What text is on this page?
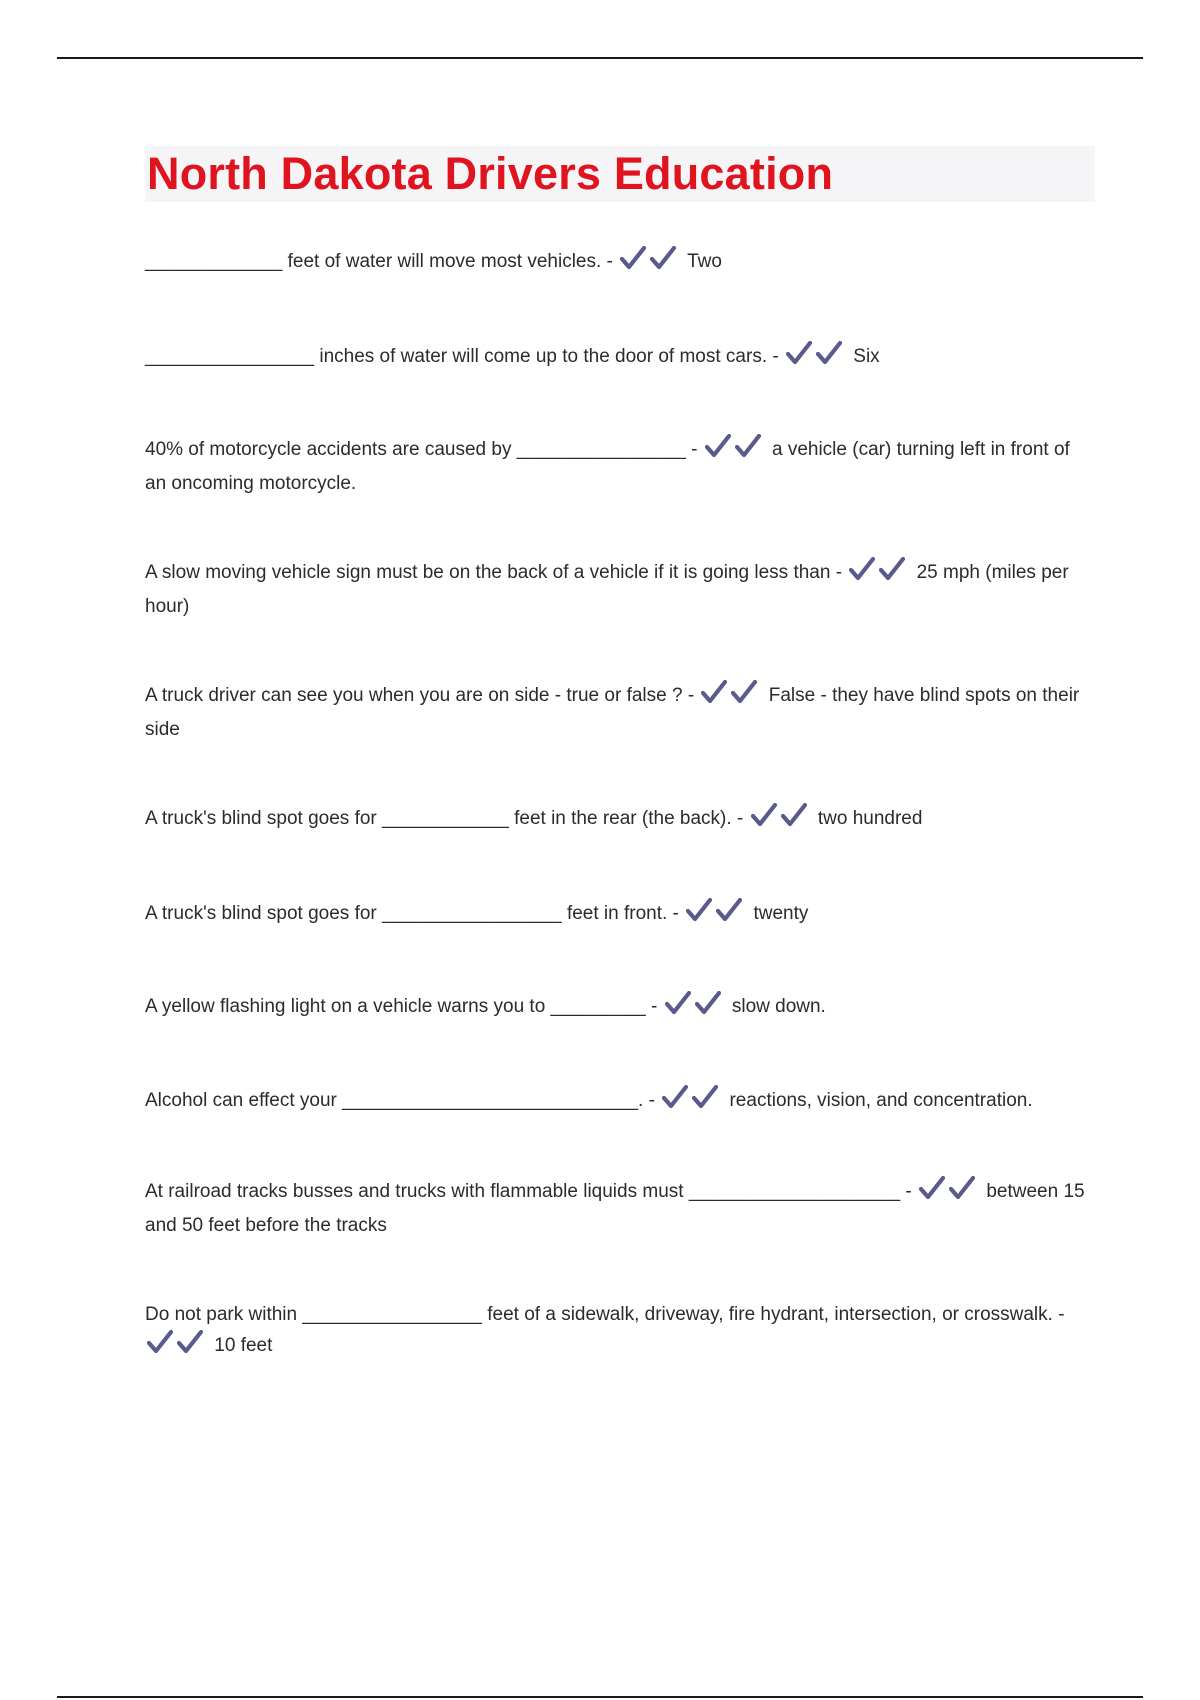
North Dakota Drivers Education
_____________ feet of water will move most vehicles. -	Two
________________ inches of water will come up to the door of most cars. -	Six
40% of motorcycle accidents are caused by ________________ -	a vehicle (car) turning left in front of an oncoming motorcycle.
A slow moving vehicle sign must be on the back of a vehicle if it is going less than -	25 mph (miles per hour)
A truck driver can see you when you are on side - true or false ? -	False - they have blind spots on their side
A truck's blind spot goes for ____________ feet in the rear (the back). -	two hundred
A truck's blind spot goes for _________________ feet in front. -	twenty
A yellow flashing light on a vehicle warns you to _________ -	slow down.
Alcohol can effect your ____________________________. -	reactions, vision, and concentration.
At railroad tracks busses and trucks with flammable liquids must ____________________ -	between 15 and 50 feet before the tracks
Do not park within _________________ feet of a sidewalk, driveway, fire hydrant, intersection, or crosswalk. -
10 feet
